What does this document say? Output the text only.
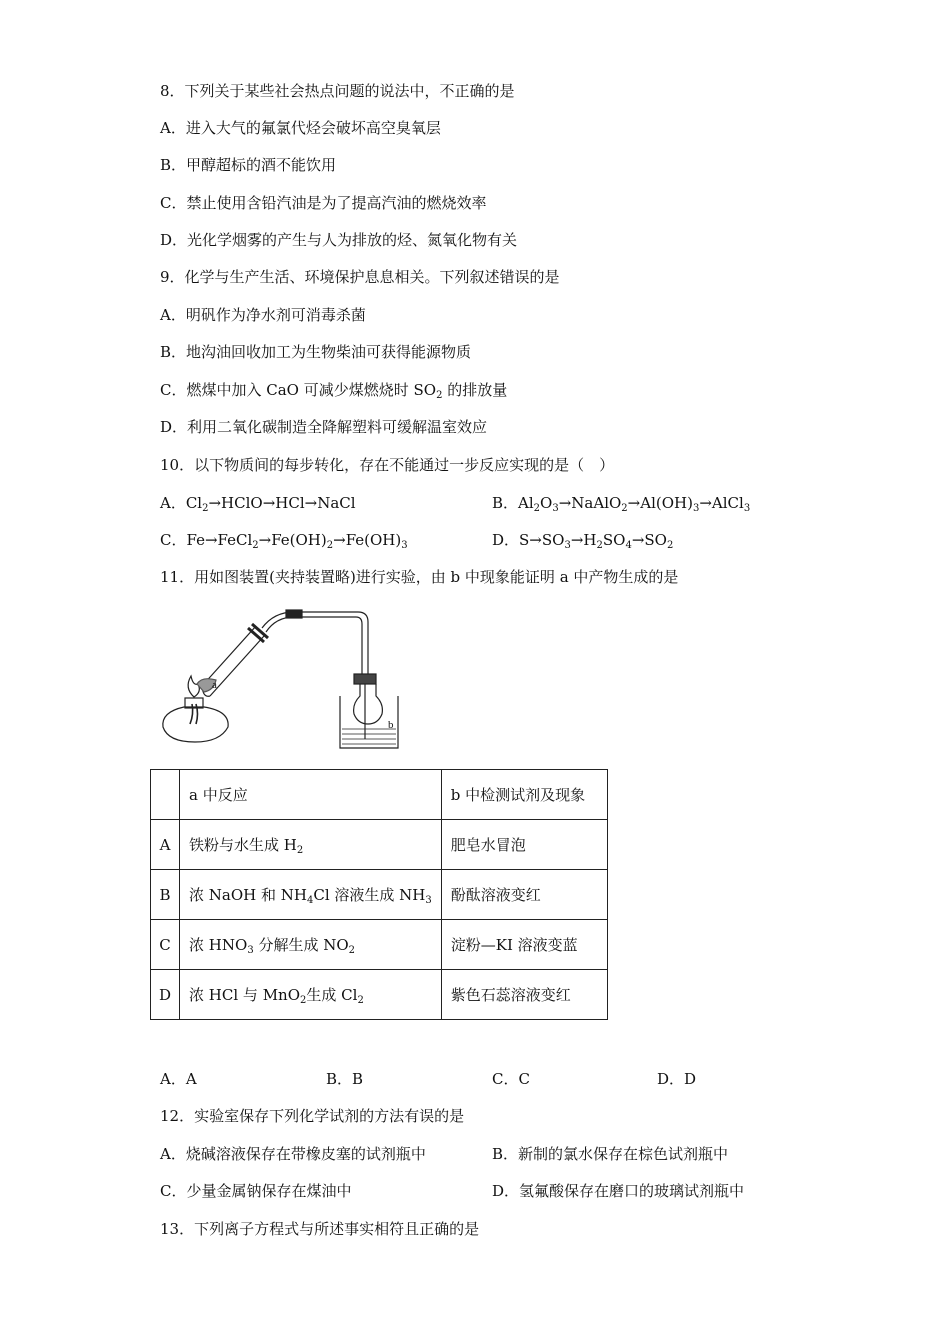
8．下列关于某些社会热点问题的说法中，不正确的是
A．进入大气的氟氯代烃会破坏高空臭氧层
B．甲醇超标的酒不能饮用
C．禁止使用含铅汽油是为了提高汽油的燃烧效率
D．光化学烟雾的产生与人为排放的烃、氮氧化物有关
9．化学与生产生活、环境保护息息相关。下列叙述错误的是
A．明矾作为净水剂可消毒杀菌
B．地沟油回收加工为生物柴油可获得能源物质
C．燃煤中加入 CaO 可减少煤燃烧时 $SO_2$ 的排放量
D．利用二氧化碳制造全降解塑料可缓解温室效应
10．以下物质间的每步转化，存在不能通过一步反应实现的是（　）
A．$Cl_2\to HClO\to HCl\to NaCl$	B．$Al_2O_3\to NaAlO_2\to Al(OH)_3\to AlCl_3$
C．$Fe\to FeCl_2\to Fe(OH)_2\to Fe(OH)_3$	D．$S\to SO_3\to H_2SO_4\to SO_2$
11．用如图装置(夹持装置略)进行实验，由 b 中现象能证明 a 中产物生成的是
a
b
	a 中反应	b 中检测试剂及现象
A	铁粉与水生成 $H_2$	肥皂水冒泡
B	浓 NaOH 和 $NH_4Cl$ 溶液生成 $NH_3$	酚酞溶液变红
C	浓 $HNO_3$ 分解生成 $NO_2$	淀粉—KI 溶液变蓝
D	浓 HCl 与 MnO$_2$生成 $Cl_2$	紫色石蕊溶液变红
A．A	B．B	C．C	D．D
12．实验室保存下列化学试剂的方法有误的是
A．烧碱溶液保存在带橡皮塞的试剂瓶中	B．新制的氯水保存在棕色试剂瓶中
C．少量金属钠保存在煤油中	D．氢氟酸保存在磨口的玻璃试剂瓶中
13．下列离子方程式与所述事实相符且正确的是
